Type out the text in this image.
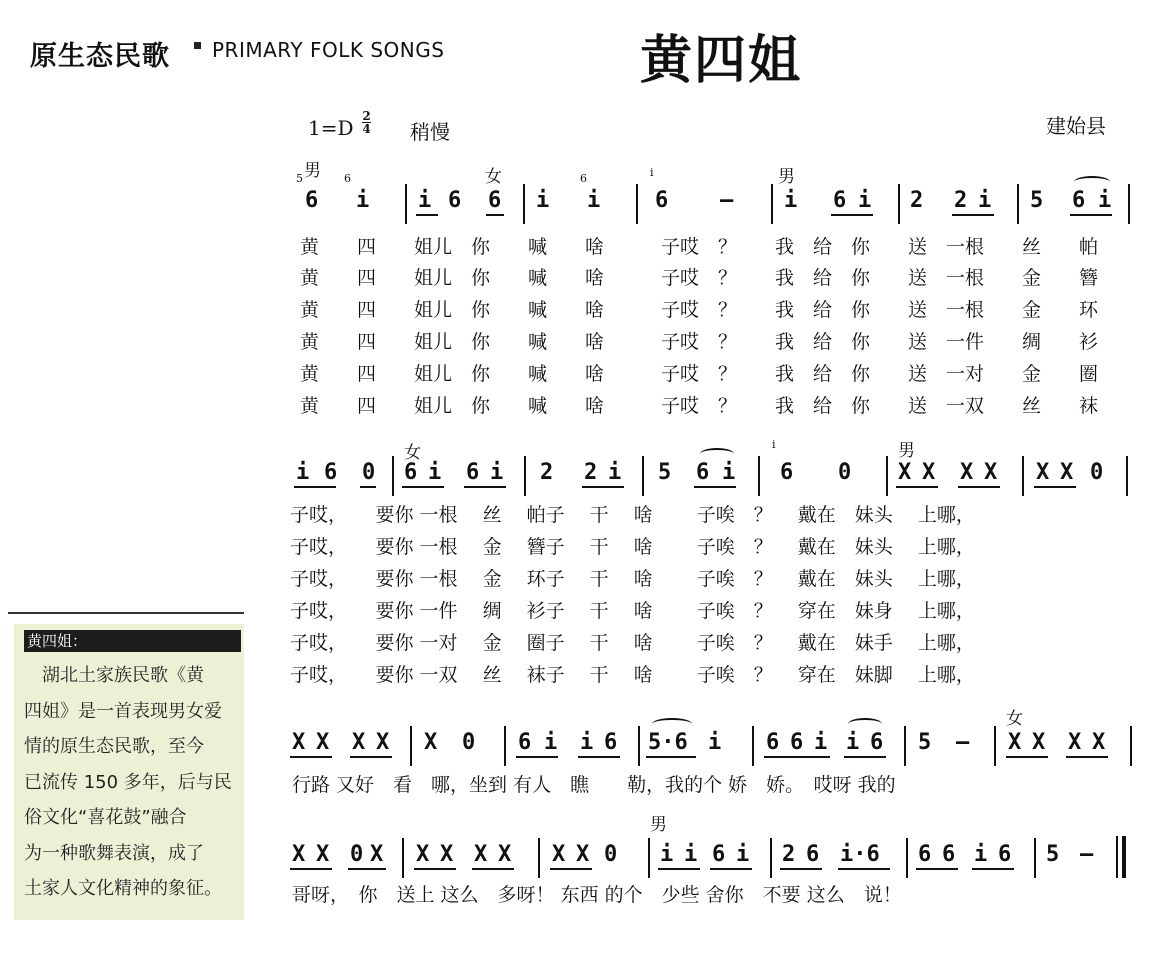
原生态民歌 PRIMARY FOLK SONGS	黄四姐
1=D 2
4 稍慢	建始县
男	女	男
5	6	6	i
6 i i 6 6 i i 6 – i 6 i 2 2 i 5 6 i
黄　　四　　姐儿　你　　喊　　啥　　　子哎　？　　我　给　你　　送　一根　　丝　　帕
黄　　四　　姐儿　你　　喊　　啥　　　子哎　？　　我　给　你　　送　一根　　金　　簪
黄　　四　　姐儿　你　　喊　　啥　　　子哎　？　　我　给　你　　送　一根　　金　　环
黄　　四　　姐儿　你　　喊　　啥　　　子哎　？　　我　给　你　　送　一件　　绸　　衫
黄　　四　　姐儿　你　　喊　　啥　　　子哎　？　　我　给　你　　送　一对　　金　　圈
黄　　四　　姐儿　你　　喊　　啥　　　子哎　？　　我　给　你　　送　一双　　丝　　袜
女	男
i
i 6 0 6 i 6 i 2 2 i 5 6 i 6 0 X X X X X X 0
子哎，　　要你 一根　 丝　 帕子　 干　 啥　　 子唉　？　 戴在　妹头　 上哪，
子哎，　　要你 一根　 金　 簪子　 干　 啥　　 子唉　？　 戴在　妹头　 上哪，
子哎，　　要你 一根　 金　 环子　 干　 啥　　 子唉　？　 戴在　妹头　 上哪，
子哎，　　要你 一件　 绸　 衫子　 干　 啥　　 子唉　？　 穿在　妹身　 上哪，
子哎，　　要你 一对　 金　 圈子　 干　 啥　　 子唉　？　 戴在　妹手　 上哪，
子哎，　　要你 一双　 丝　 袜子　 干　 啥　　 子唉　？　 穿在　妹脚　 上哪，
女
X X X X X 0 6 i i 6 5·6 i 6 6 i i 6 5 – X X X X
行路 又好　看　哪，坐到 有人　瞧　　勒，我的个 娇　娇。　哎呀 我的
男
X X 0 X X X X X X X 0 i i 6 i 2 6 i·6 6 6 i 6 5 –
哥呀，　你　送上 这么　多呀！ 东西 的个　少些 舍你　不要 这么　说！
黄四姐：
　湖北土家族民歌《黄
四姐》是一首表现男女爱
情的原生态民歌，至今
已流传 150 多年，后与民
俗文化“喜花鼓”融合
为一种歌舞表演，成了
土家人文化精神的象征。
